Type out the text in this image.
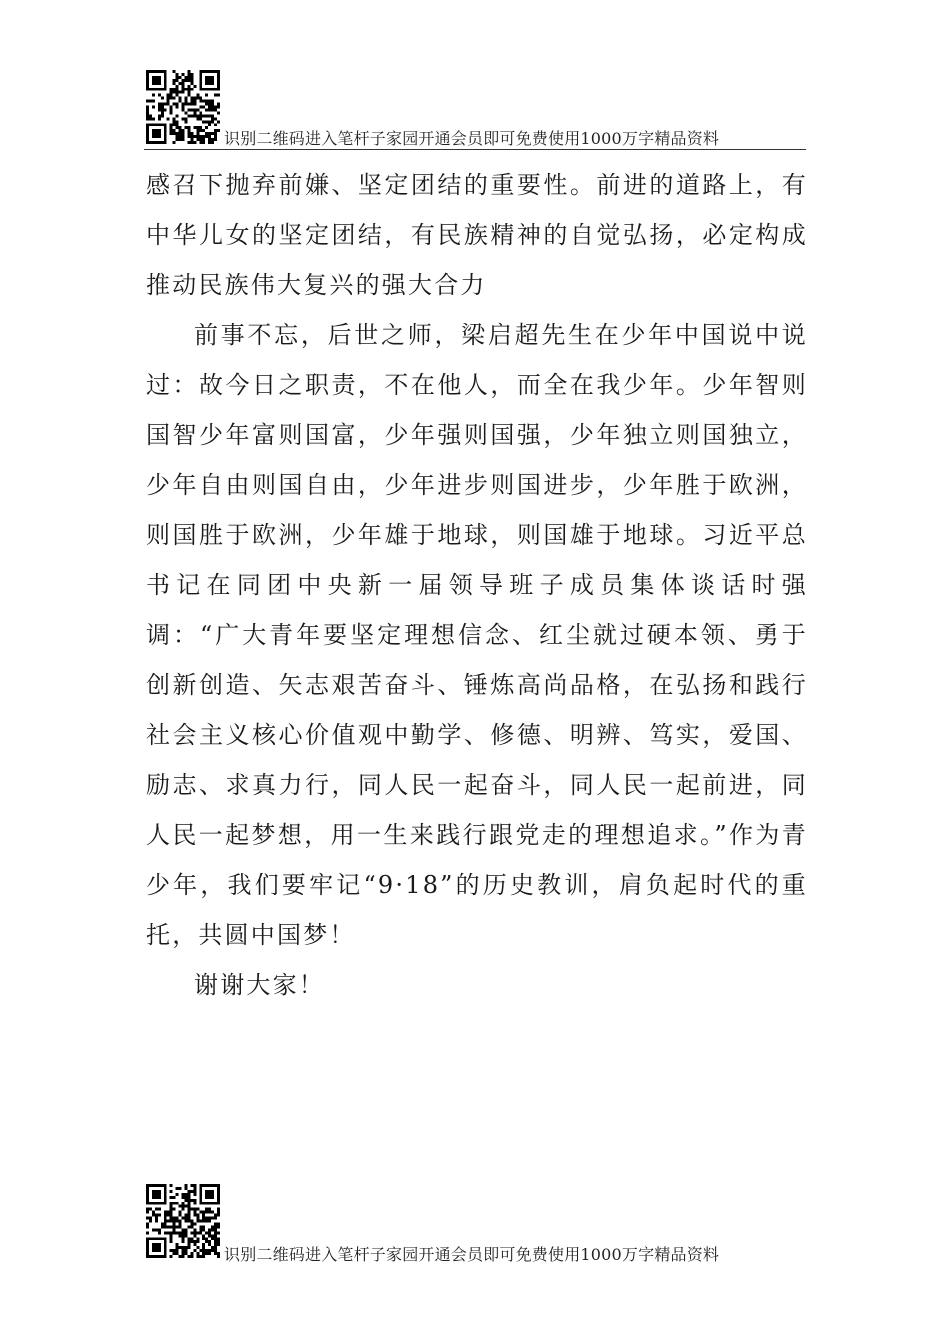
识别二维码进入笔杆子家园开通会员即可免费使用1000万字精品资料

感召下抛弃前嫌、坚定团结的重要性。前进的道路上，有中华儿女的坚定团结，有民族精神的自觉弘扬，必定构成推动民族伟大复兴的强大合力

前事不忘，后世之师，梁启超先生在少年中国说中说过：故今日之职责，不在他人，而全在我少年。少年智则国智少年富则国富，少年强则国强，少年独立则国独立，少年自由则国自由，少年进步则国进步，少年胜于欧洲，则国胜于欧洲，少年雄于地球，则国雄于地球。习近平总书记在同团中央新一届领导班子成员集体谈话时强调：“广大青年要坚定理想信念、红尘就过硬本领、勇于创新创造、矢志艰苦奋斗、锤炼高尚品格，在弘扬和践行社会主义核心价值观中勤学、修德、明辨、笃实，爱国、励志、求真力行，同人民一起奋斗，同人民一起前进，同人民一起梦想，用一生来践行跟党走的理想追求。”作为青少年，我们要牢记“9·18”的历史教训，肩负起时代的重托，共圆中国梦！

谢谢大家！

识别二维码进入笔杆子家园开通会员即可免费使用1000万字精品资料
